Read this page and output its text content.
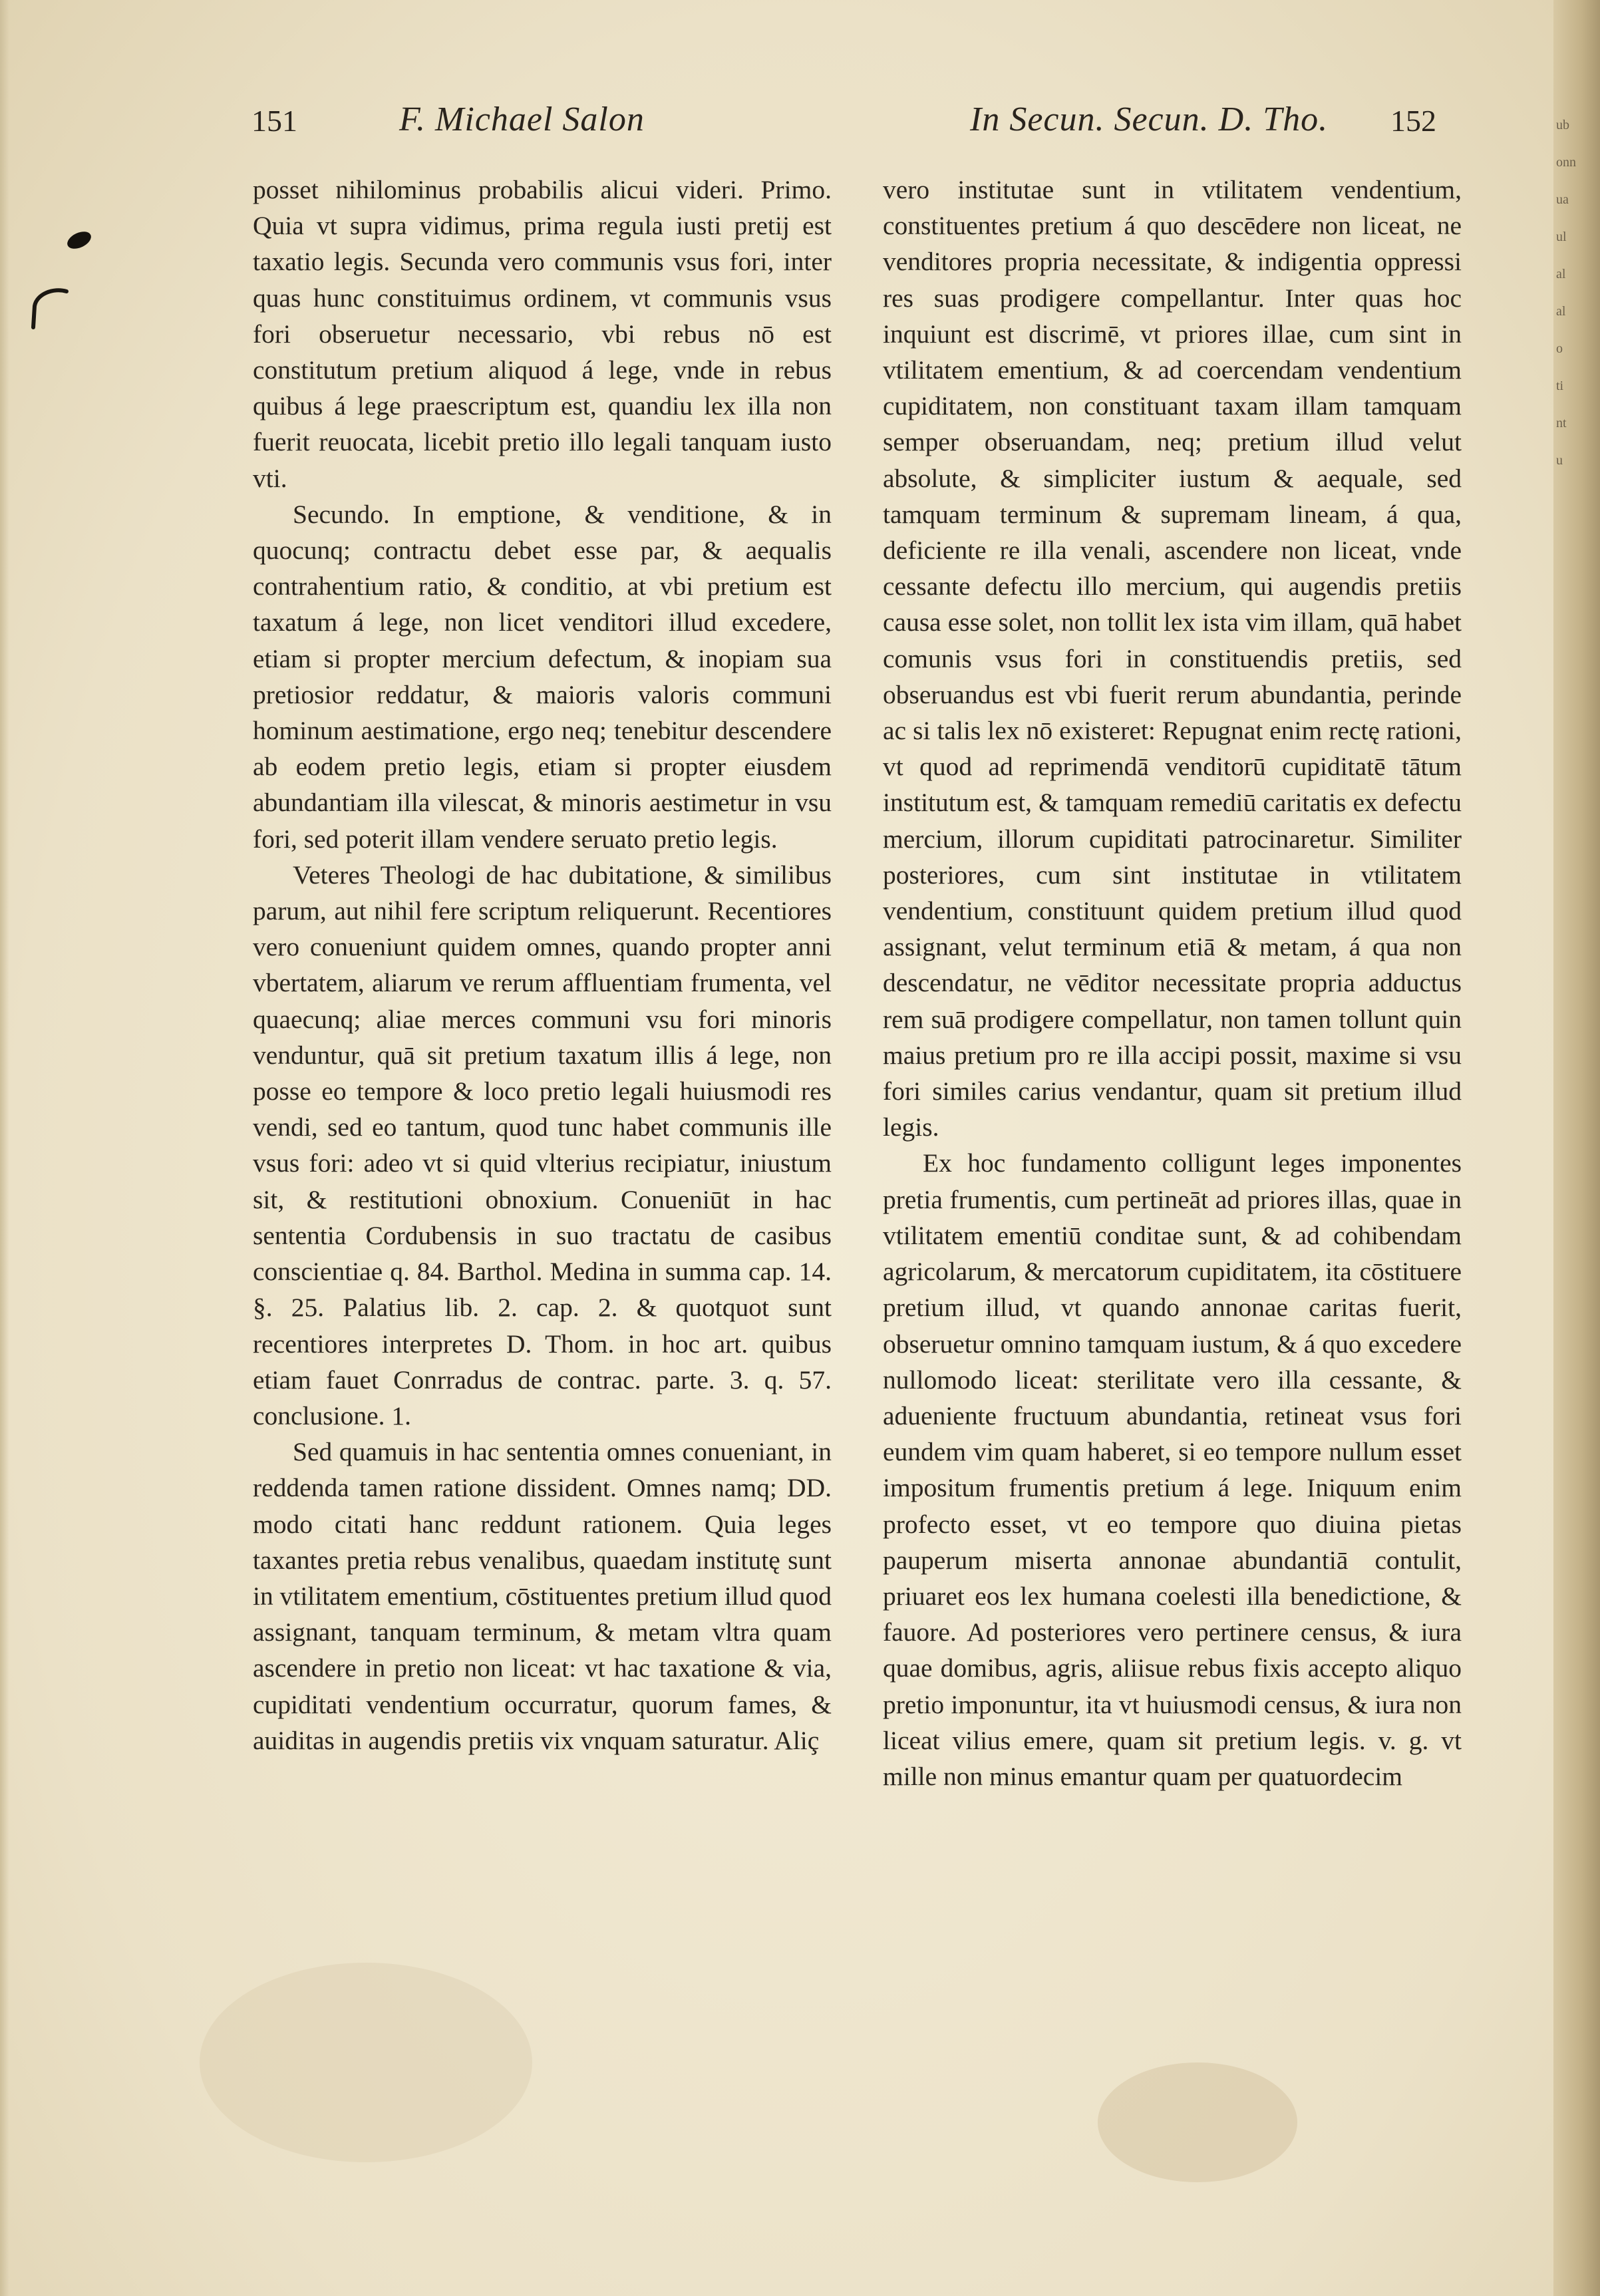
ub
onn
ua
ul
al
al
o
ti
nt
u
151	F. Michael Salon	In Secun. Secun. D. Tho. 152

posset nihilominus probabilis alicui videri. Primo. Quia vt supra vidimus, prima regula iusti pretij est taxatio legis. Secunda vero communis vsus fori, inter quas hunc constituimus ordinem, vt communis vsus fori obseruetur necessario, vbi rebus nō est constitutum pretium aliquod á lege, vnde in rebus quibus á lege praescriptum est, quandiu lex illa non fuerit reuocata, licebit pretio illo legali tanquam iusto vti.

Secundo. In emptione, & venditione, & in quocunq; contractu debet esse par, & aequalis contrahentium ratio, & conditio, at vbi pretium est taxatum á lege, non licet venditori illud excedere, etiam si propter mercium defectum, & inopiam sua pretiosior reddatur, & maioris valoris communi hominum aestimatione, ergo neq; tenebitur descendere ab eodem pretio legis, etiam si propter eiusdem abundantiam illa vilescat, & minoris aestimetur in vsu fori, sed poterit illam vendere seruato pretio legis.

Veteres Theologi de hac dubitatione, & similibus parum, aut nihil fere scriptum reliquerunt. Recentiores vero conueniunt quidem omnes, quando propter anni vbertatem, aliarum ve rerum affluentiam frumenta, vel quaecunq; aliae merces communi vsu fori minoris venduntur, quā sit pretium taxatum illis á lege, non posse eo tempore & loco pretio legali huiusmodi res vendi, sed eo tantum, quod tunc habet communis ille vsus fori: adeo vt si quid vlterius recipiatur, iniustum sit, & restitutioni obnoxium. Conueniūt in hac sententia Cordubensis in suo tractatu de casibus conscientiae q. 84. Barthol. Medina in summa cap. 14. §. 25. Palatius lib. 2. cap. 2. & quotquot sunt recentiores interpretes D. Thom. in hoc art. quibus etiam fauet Conrradus de contrac. parte. 3. q. 57. conclusione. 1.

Sed quamuis in hac sententia omnes conueniant, in reddenda tamen ratione dissident. Omnes namq; DD. modo citati hanc reddunt rationem. Quia leges taxantes pretia rebus venalibus, quaedam institutę sunt in vtilitatem ementium, cōstituentes pretium illud quod assignant, tanquam terminum, & metam vltra quam ascendere in pretio non liceat: vt hac taxatione & via, cupiditati vendentium occurratur, quorum fames, & auiditas in augendis pretiis vix vnquam saturatur. Aliç

vero institutae sunt in vtilitatem vendentium, constituentes pretium á quo descēdere non liceat, ne venditores propria necessitate, & indigentia oppressi res suas prodigere compellantur. Inter quas hoc inquiunt est discrimē, vt priores illae, cum sint in vtilitatem ementium, & ad coercendam vendentium cupiditatem, non constituant taxam illam tamquam semper obseruandam, neq; pretium illud velut absolute, & simpliciter iustum & aequale, sed tamquam terminum & supremam lineam, á qua, deficiente re illa venali, ascendere non liceat, vnde cessante defectu illo mercium, qui augendis pretiis causa esse solet, non tollit lex ista vim illam, quā habet comunis vsus fori in constituendis pretiis, sed obseruandus est vbi fuerit rerum abundantia, perinde ac si talis lex nō existeret: Repugnat enim rectę rationi, vt quod ad reprimendā venditorū cupiditatē tātum institutum est, & tamquam remediū caritatis ex defectu mercium, illorum cupiditati patrocinaretur. Similiter posteriores, cum sint institutae in vtilitatem vendentium, constituunt quidem pretium illud quod assignant, velut terminum etiā & metam, á qua non descendatur, ne vēditor necessitate propria adductus rem suā prodigere compellatur, non tamen tollunt quin maius pretium pro re illa accipi possit, maxime si vsu fori similes carius vendantur, quam sit pretium illud legis.

Ex hoc fundamento colligunt leges imponentes pretia frumentis, cum pertineāt ad priores illas, quae in vtilitatem ementiū conditae sunt, & ad cohibendam agricolarum, & mercatorum cupiditatem, ita cōstituere pretium illud, vt quando annonae caritas fuerit, obseruetur omnino tamquam iustum, & á quo excedere nullomodo liceat: sterilitate vero illa cessante, & adueniente fructuum abundantia, retineat vsus fori eundem vim quam haberet, si eo tempore nullum esset impositum frumentis pretium á lege. Iniquum enim profecto esset, vt eo tempore quo diuina pietas pauperum miserta annonae abundantiā contulit, priuaret eos lex humana coelesti illa benedictione, & fauore. Ad posteriores vero pertinere census, & iura quae domibus, agris, aliisue rebus fixis accepto aliquo pretio imponuntur, ita vt huiusmodi census, & iura non liceat vilius emere, quam sit pretium legis. v. g. vt mille non minus emantur quam per quatuordecim
